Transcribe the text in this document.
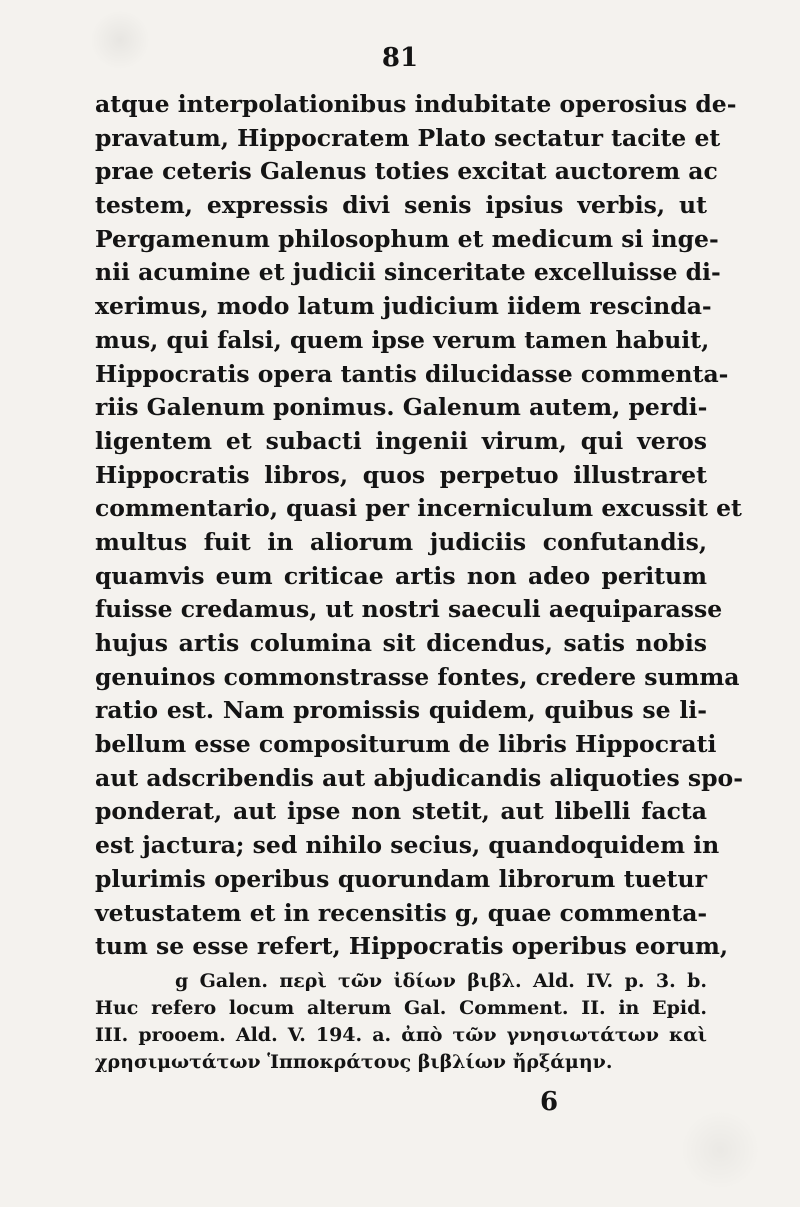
81
atque interpolationibus indubitate operosius de-
pravatum, Hippocratem Plato sectatur tacite et
prae ceteris Galenus toties excitat auctorem ac
testem, expressis divi senis ipsius verbis, ut
Pergamenum philosophum et medicum si inge-
nii acumine et judicii sinceritate excelluisse di-
xerimus, modo latum judicium iidem rescinda-
mus, qui falsi, quem ipse verum tamen habuit,
Hippocratis opera tantis dilucidasse commenta-
riis Galenum ponimus. Galenum autem, perdi-
ligentem et subacti ingenii virum, qui veros
Hippocratis libros, quos perpetuo illustraret
commentario, quasi per incerniculum excussit et
multus fuit in aliorum judiciis confutandis,
quamvis eum criticae artis non adeo peritum
fuisse credamus, ut nostri saeculi aequiparasse
hujus artis columina sit dicendus, satis nobis
genuinos commonstrasse fontes, credere summa
ratio est. Nam promissis quidem, quibus se li-
bellum esse compositurum de libris Hippocrati
aut adscribendis aut abjudicandis aliquoties spo-
ponderat, aut ipse non stetit, aut libelli facta
est jactura; sed nihilo secius, quandoquidem in
plurimis operibus quorundam librorum tuetur
vetustatem et in recensitis g, quae commenta-
tum se esse refert, Hippocratis operibus eorum,
g Galen. περὶ τῶν ἰδίων βιβλ. Ald. IV. p. 3. b.
Huc refero locum alterum Gal. Comment. II. in Epid.
III. prooem. Ald. V. 194. a. ἀπὸ τῶν γνησιωτάτων καὶ
χρησιμωτάτων Ἱπποκράτους βιβλίων ἤρξάμην.
6
